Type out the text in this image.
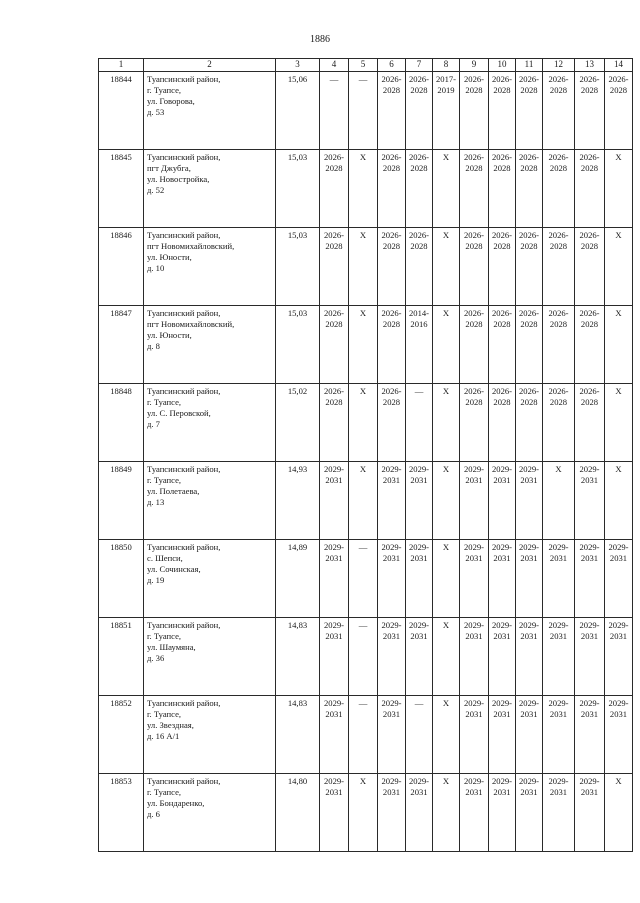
1886
1	2	3	4	5	6	7	8	9	10	11	12	13	14
18844	Туапсинский район,
г. Туапсе,
ул. Говорова,
д. 53	15,06	—	—	2026-
2028	2026-
2028	2017-
2019	2026-
2028	2026-
2028	2026-
2028	2026-
2028	2026-
2028	2026-
2028

18845	Туапсинский район,
пгт Джубга,
ул. Новостройка,
д. 52	15,03	2026-
2028	Х	2026-
2028	2026-
2028	Х	2026-
2028	2026-
2028	2026-
2028	2026-
2028	2026-
2028	Х

18846	Туапсинский район,
пгт Новомихайловский,
ул. Юности,
д. 10	15,03	2026-
2028	Х	2026-
2028	2026-
2028	Х	2026-
2028	2026-
2028	2026-
2028	2026-
2028	2026-
2028	Х

18847	Туапсинский район,
пгт Новомихайловский,
ул. Юности,
д. 8	15,03	2026-
2028	Х	2026-
2028	2014-
2016	Х	2026-
2028	2026-
2028	2026-
2028	2026-
2028	2026-
2028	Х

18848	Туапсинский район,
г. Туапсе,
ул. С. Перовской,
д. 7	15,02	2026-
2028	Х	2026-
2028	—	Х	2026-
2028	2026-
2028	2026-
2028	2026-
2028	2026-
2028	Х

18849	Туапсинский район,
г. Туапсе,
ул. Полетаева,
д. 13	14,93	2029-
2031	Х	2029-
2031	2029-
2031	Х	2029-
2031	2029-
2031	2029-
2031	Х	2029-
2031	Х

18850	Туапсинский район,
с. Шепси,
ул. Сочинская,
д. 19	14,89	2029-
2031	—	2029-
2031	2029-
2031	Х	2029-
2031	2029-
2031	2029-
2031	2029-
2031	2029-
2031	2029-
2031

18851	Туапсинский район,
г. Туапсе,
ул. Шаумяна,
д. 36	14,83	2029-
2031	—	2029-
2031	2029-
2031	Х	2029-
2031	2029-
2031	2029-
2031	2029-
2031	2029-
2031	2029-
2031

18852	Туапсинский район,
г. Туапсе,
ул. Звездная,
д. 16 А/1	14,83	2029-
2031	—	2029-
2031	—	Х	2029-
2031	2029-
2031	2029-
2031	2029-
2031	2029-
2031	2029-
2031

18853	Туапсинский район,
г. Туапсе,
ул. Бондаренко,
д. 6	14,80	2029-
2031	Х	2029-
2031	2029-
2031	Х	2029-
2031	2029-
2031	2029-
2031	2029-
2031	2029-
2031	Х
